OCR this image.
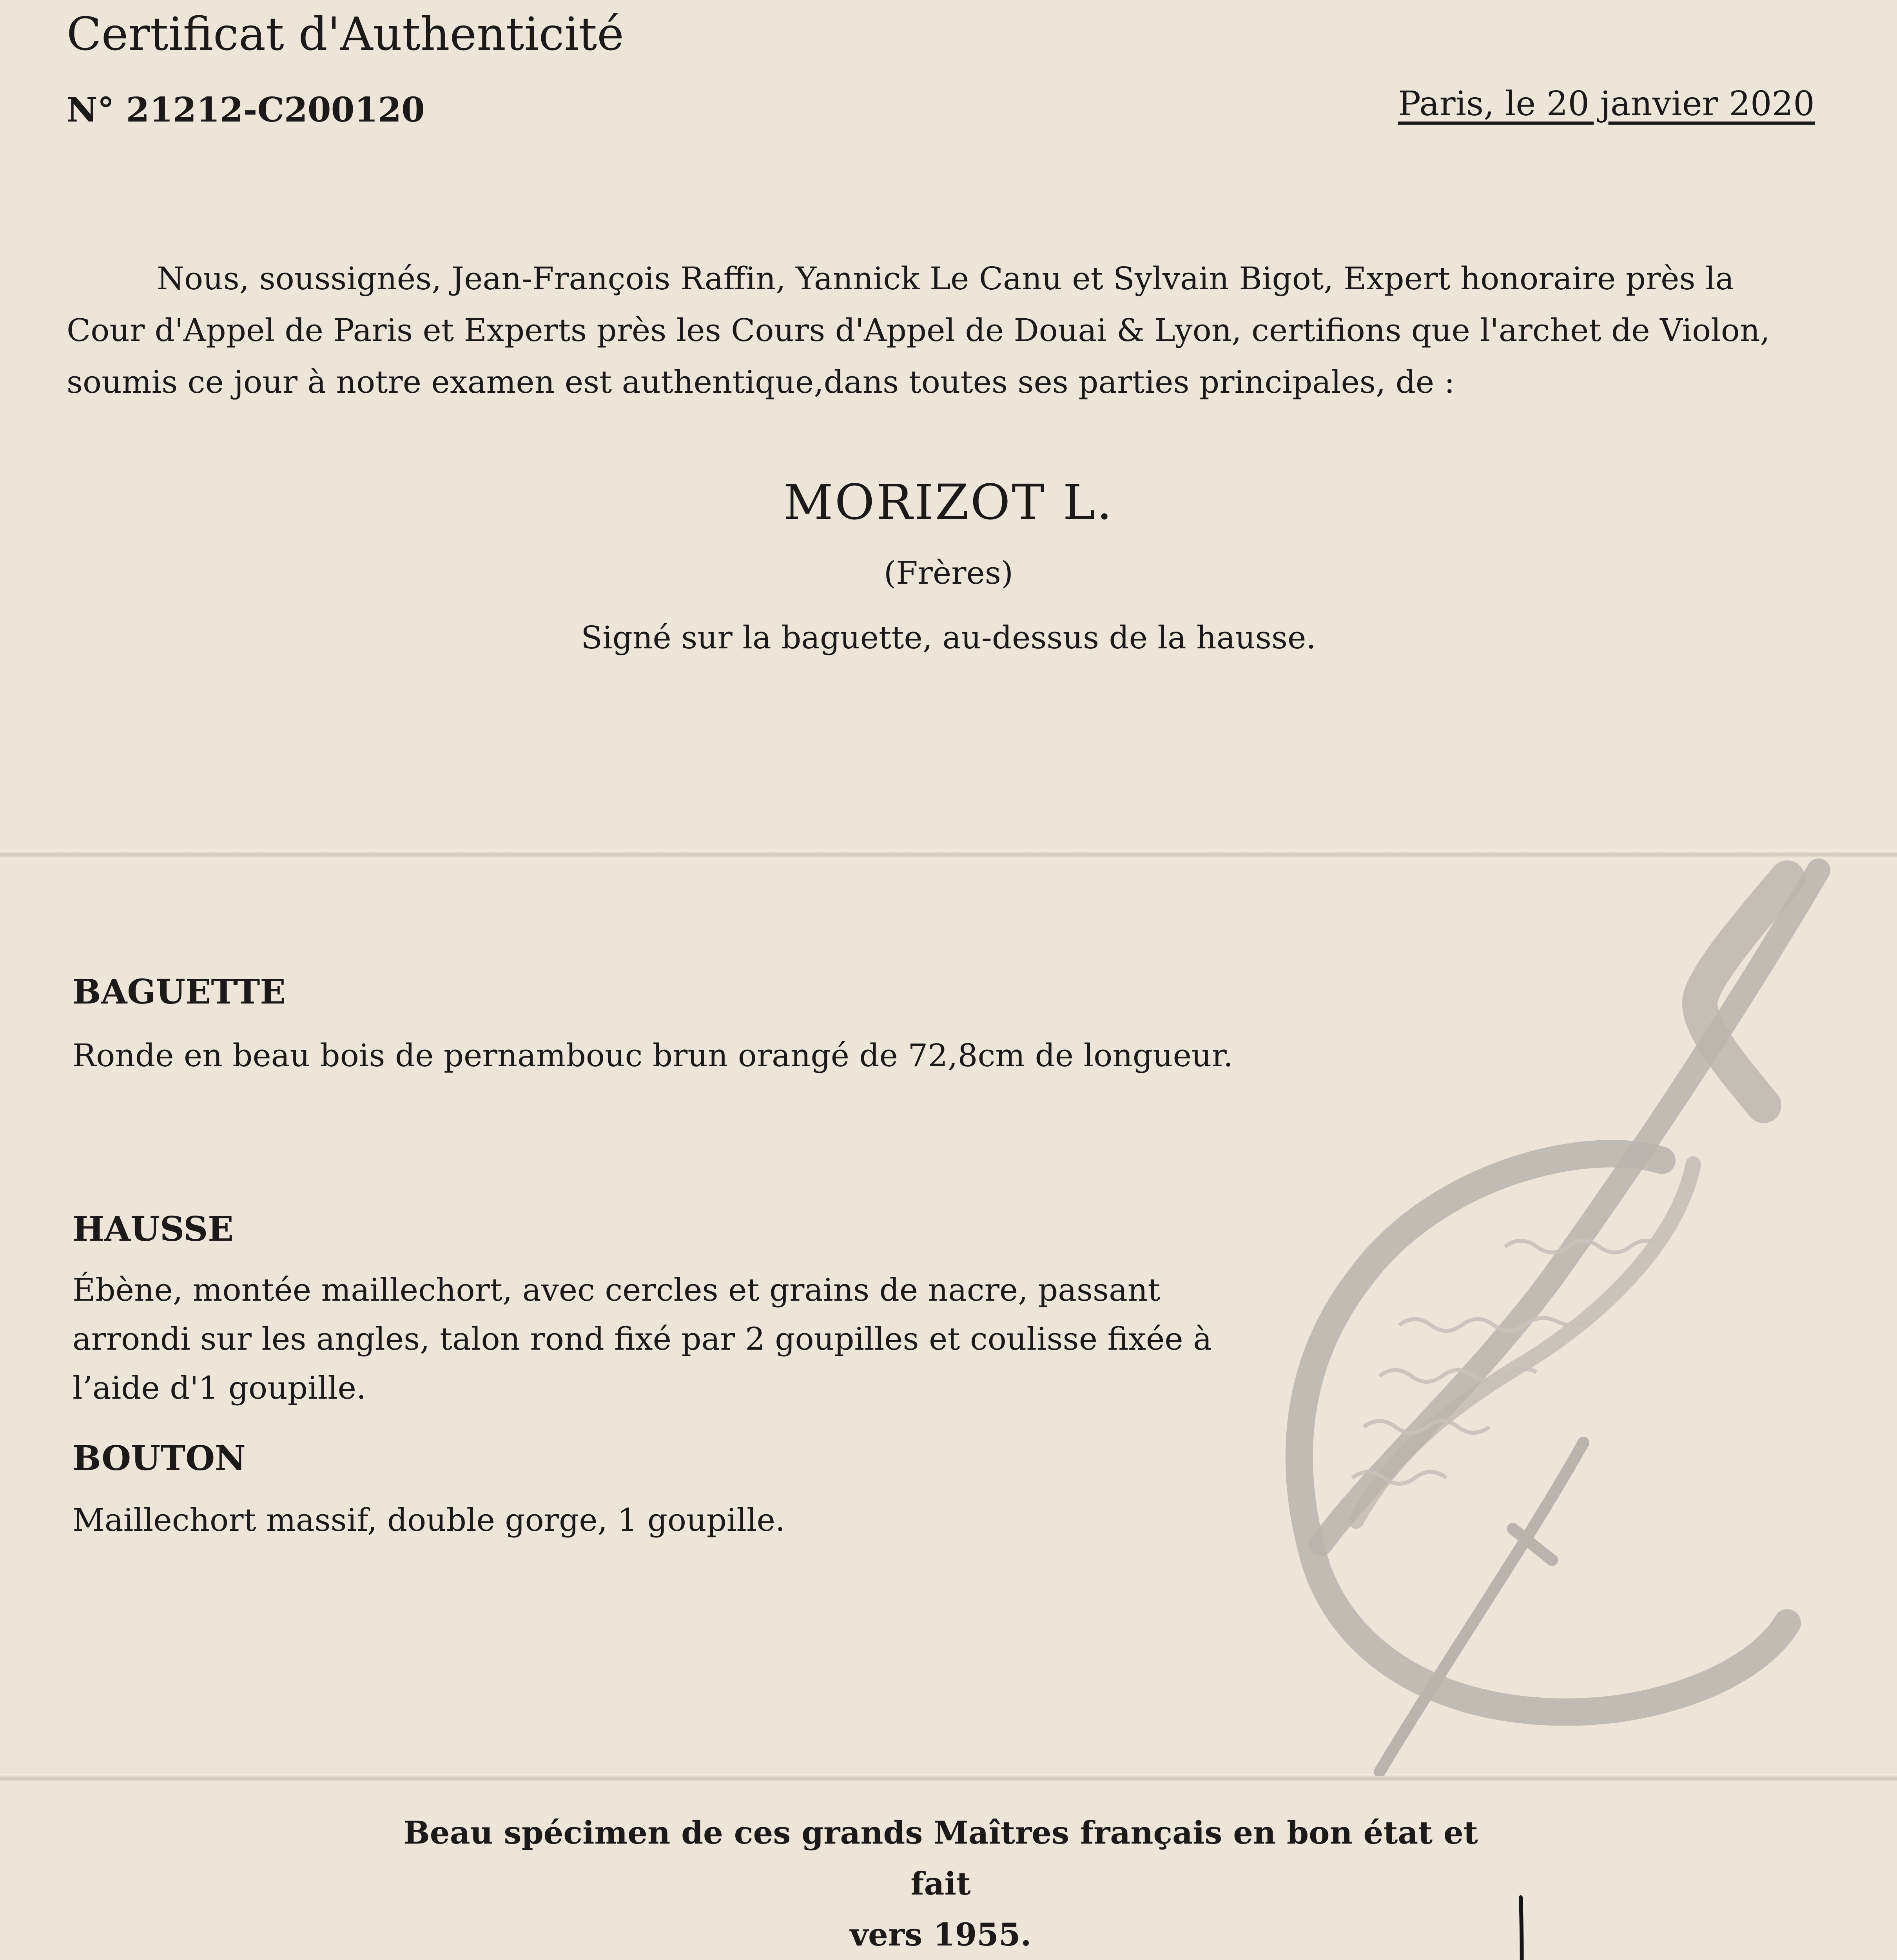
Certificat d'Authenticité
N° 21212-C200120	Paris, le 20 janvier 2020
Nous, soussignés, Jean-François Raffin, Yannick Le Canu et Sylvain Bigot, Expert honoraire près la Cour d'Appel de Paris et Experts près les Cours d'Appel de Douai & Lyon, certifions que l'archet de Violon, soumis ce jour à notre examen est authentique,dans toutes ses parties principales, de :
MORIZOT L.
(Frères)
Signé sur la baguette, au-dessus de la hausse.
BAGUETTE
Ronde en beau bois de pernambouc brun orangé de 72,8cm de longueur.
HAUSSE
Ébène, montée maillechort, avec cercles et grains de nacre, passant arrondi sur les angles, talon rond fixé par 2 goupilles et coulisse fixée à l’aide d'1 goupille.
BOUTON
Maillechort massif, double gorge, 1 goupille.
Beau spécimen de ces grands Maîtres français en bon état et fait
vers 1955.
